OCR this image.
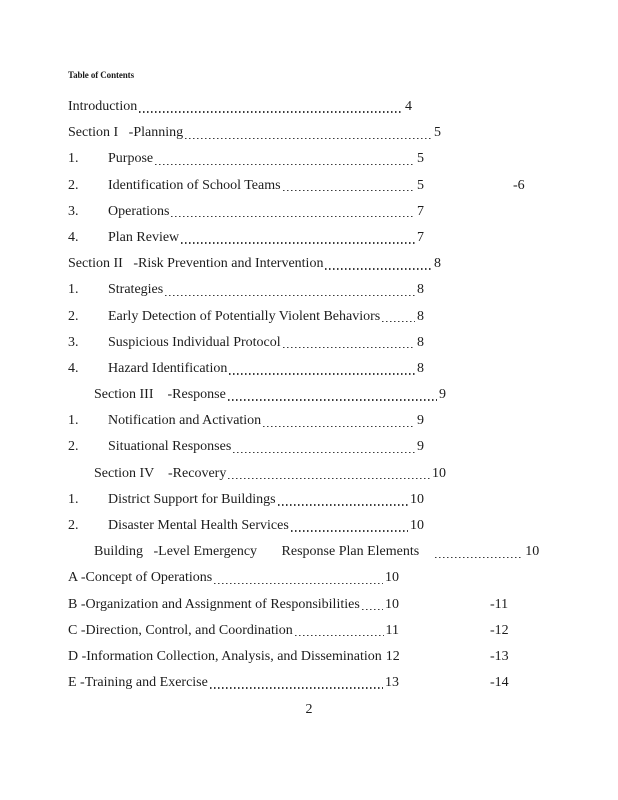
Table of Contents
Introduction	4
Section I   -Planning	5
1.	Purpose	5
2.	Identification of School Teams	5	-6
3.	Operations	7
4.	Plan Review	7
Section II   -Risk Prevention and Intervention	8
1.	Strategies	8
2.	Early Detection of Potentially Violent Behaviors	8
3.	Suspicious Individual Protocol	8
4.	Hazard Identification	8
Section III    -Response	9
1.	Notification and Activation	9
2.	Situational Responses	9
Section IV    -Recovery	10
1.	District Support for Buildings	10
2.	Disaster Mental Health Services	10
Building   -Level Emergency       Response Plan Elements	10
A -Concept of Operations	10
B -Organization and Assignment of Responsibilities 10	-11
C -Direction, Control, and Coordination	11	-12
D -Information Collection, Analysis, and Dissemination 12	-13
E -Training and Exercise	13	-14
2
